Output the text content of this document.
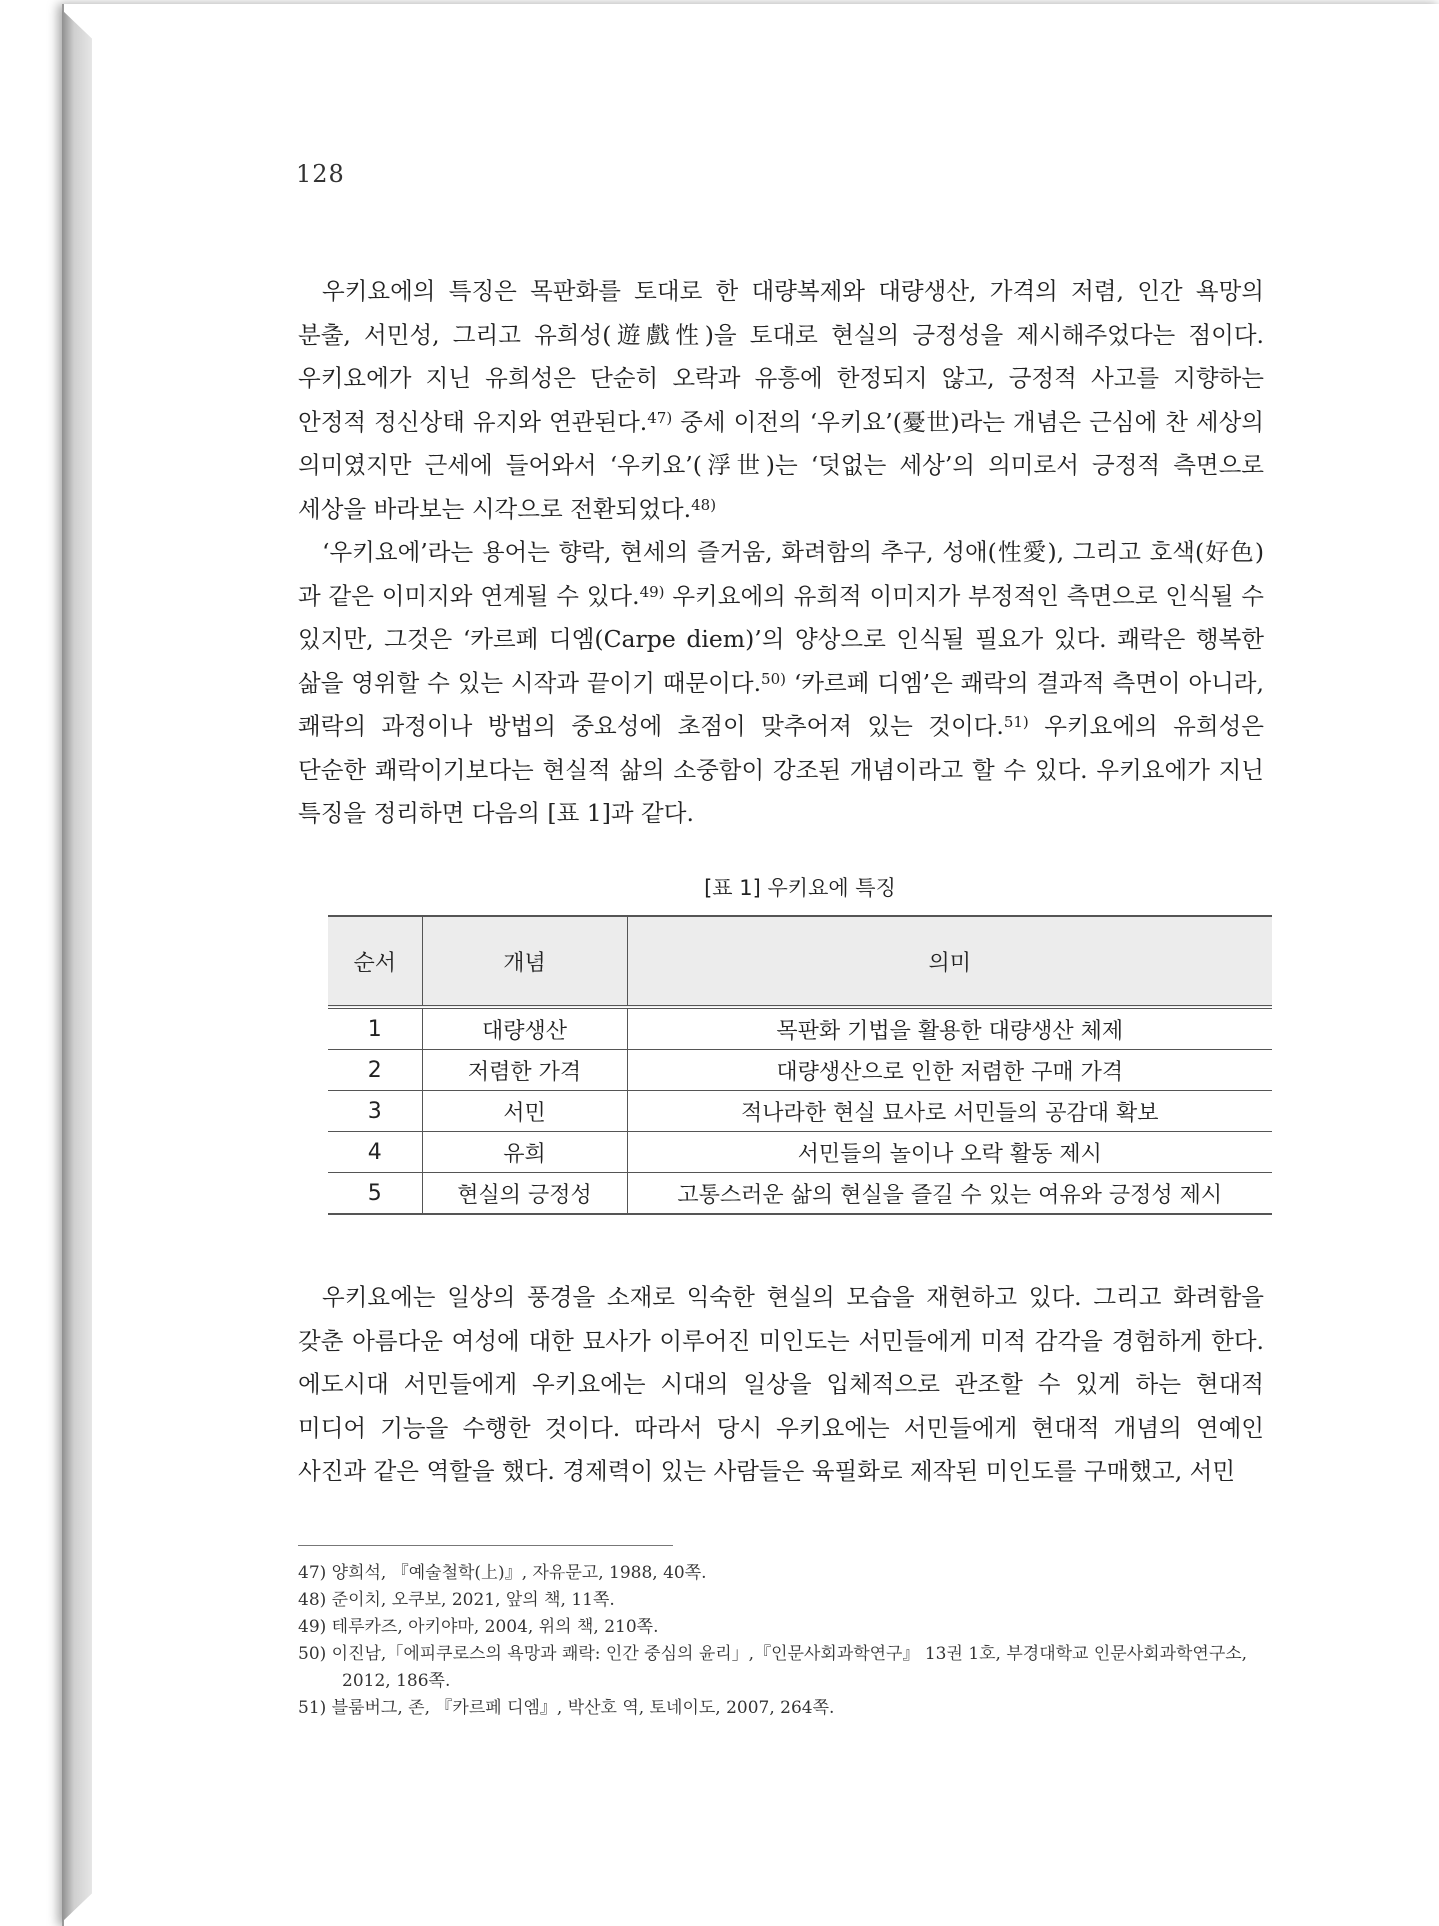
128

우키요에의 특징은 목판화를 토대로 한 대량복제와 대량생산, 가격의 저렴, 인간 욕망의 분출, 서민성, 그리고 유희성(遊戲性)을 토대로 현실의 긍정성을 제시해주었다는 점이다. 우키요에가 지닌 유희성은 단순히 오락과 유흥에 한정되지 않고, 긍정적 사고를 지향하는 안정적 정신상태 유지와 연관된다.$^{47)}$ 중세 이전의 ‘우키요’(憂世)라는 개념은 근심에 찬 세상의 의미였지만 근세에 들어와서 ‘우키요’(浮世)는 ‘덧없는 세상’의 의미로서 긍정적 측면으로 세상을 바라보는 시각으로 전환되었다.$^{48)}$

‘우키요에’라는 용어는 향락, 현세의 즐거움, 화려함의 추구, 성애(性愛), 그리고 호색(好色)과 같은 이미지와 연계될 수 있다.$^{49)}$ 우키요에의 유희적 이미지가 부정적인 측면으로 인식될 수 있지만, 그것은 ‘카르페 디엠(Carpe diem)’의 양상으로 인식될 필요가 있다. 쾌락은 행복한 삶을 영위할 수 있는 시작과 끝이기 때문이다.$^{50)}$ ‘카르페 디엠’은 쾌락의 결과적 측면이 아니라, 쾌락의 과정이나 방법의 중요성에 초점이 맞추어져 있는 것이다.$^{51)}$ 우키요에의 유희성은 단순한 쾌락이기보다는 현실적 삶의 소중함이 강조된 개념이라고 할 수 있다. 우키요에가 지닌 특징을 정리하면 다음의 [표 1]과 같다.

[표 1] 우키요에 특징
순서	개념	의미
1	대량생산	목판화 기법을 활용한 대량생산 체제
2	저렴한 가격	대량생산으로 인한 저렴한 구매 가격
3	서민	적나라한 현실 묘사로 서민들의 공감대 확보
4	유희	서민들의 놀이나 오락 활동 제시
5	현실의 긍정성	고통스러운 삶의 현실을 즐길 수 있는 여유와 긍정성 제시

우키요에는 일상의 풍경을 소재로 익숙한 현실의 모습을 재현하고 있다. 그리고 화려함을 갖춘 아름다운 여성에 대한 묘사가 이루어진 미인도는 서민들에게 미적 감각을 경험하게 한다. 에도시대 서민들에게 우키요에는 시대의 일상을 입체적으로 관조할 수 있게 하는 현대적 미디어 기능을 수행한 것이다. 따라서 당시 우키요에는 서민들에게 현대적 개념의 연예인 사진과 같은 역할을 했다. 경제력이 있는 사람들은 육필화로 제작된 미인도를 구매했고, 서민

47) 양희석, 『예술철학(上)』, 자유문고, 1988, 40쪽.
48) 준이치, 오쿠보, 2021, 앞의 책, 11쪽.
49) 테루카즈, 아키야마, 2004, 위의 책, 210쪽.
50) 이진남,「에피쿠로스의 욕망과 쾌락: 인간 중심의 윤리」,『인문사회과학연구』 13권 1호, 부경대학교 인문사회과학연구소, 2012, 186쪽.
51) 블룸버그, 존, 『카르페 디엠』, 박산호 역, 토네이도, 2007, 264쪽.
